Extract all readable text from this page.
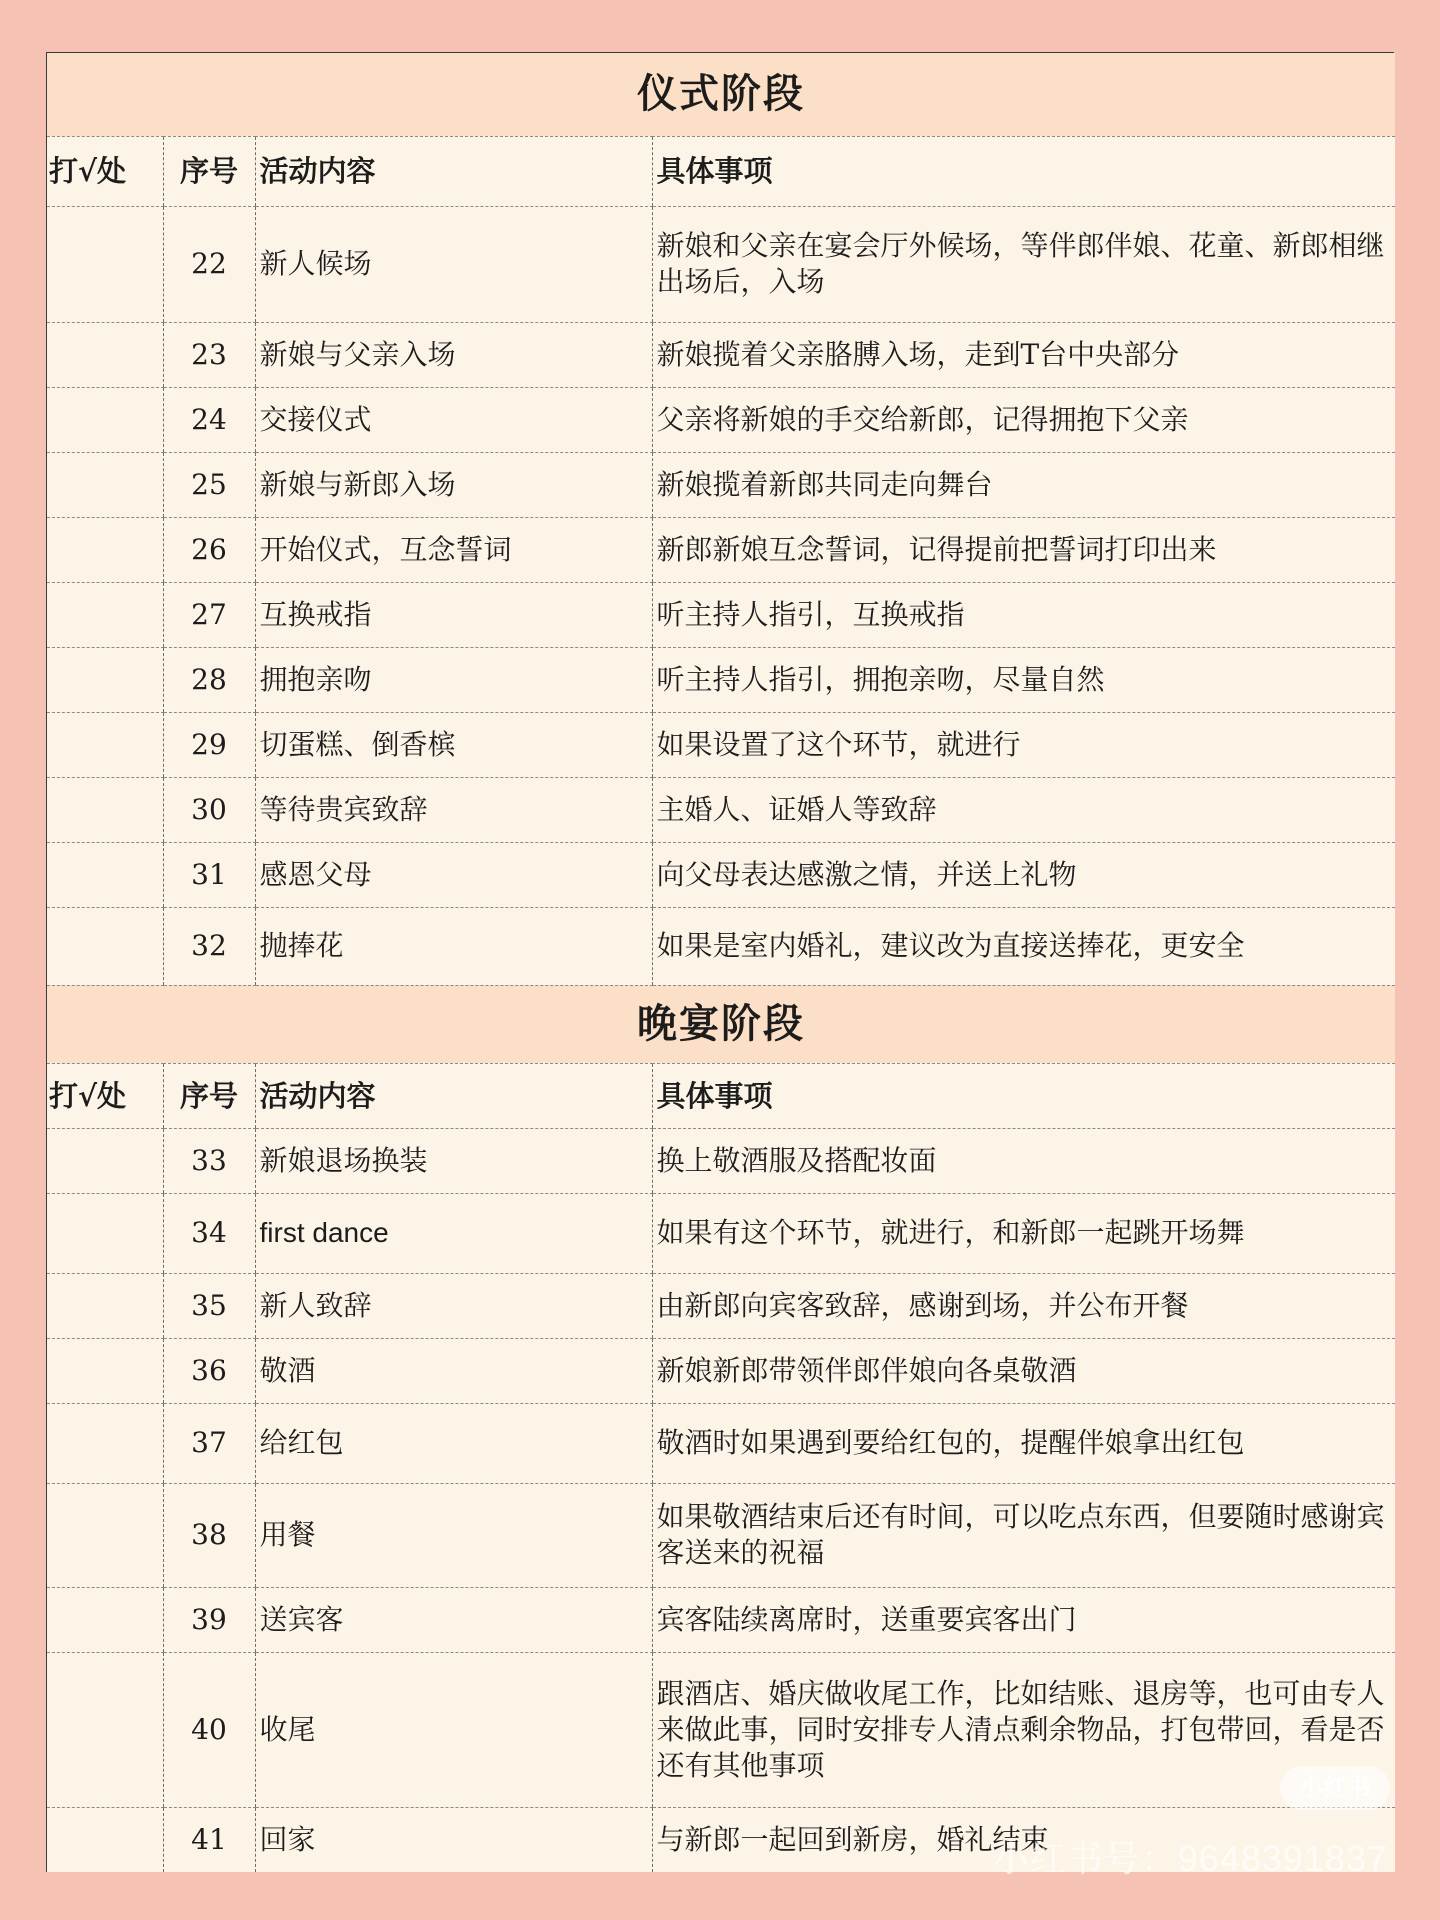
仪式阶段			
打√处	序号	活动内容	具体事项
	22	新人候场	新娘和父亲在宴会厅外候场，等伴郎伴娘、花童、新郎相继出场后，入场
	23	新娘与父亲入场	新娘揽着父亲胳膊入场，走到T台中央部分
	24	交接仪式	父亲将新娘的手交给新郎，记得拥抱下父亲
	25	新娘与新郎入场	新娘揽着新郎共同走向舞台
	26	开始仪式，互念誓词	新郎新娘互念誓词，记得提前把誓词打印出来
	27	互换戒指	听主持人指引，互换戒指
	28	拥抱亲吻	听主持人指引，拥抱亲吻，尽量自然
	29	切蛋糕、倒香槟	如果设置了这个环节，就进行
	30	等待贵宾致辞	主婚人、证婚人等致辞
	31	感恩父母	向父母表达感激之情，并送上礼物
	32	抛捧花	如果是室内婚礼，建议改为直接送捧花，更安全
晚宴阶段			
打√处	序号	活动内容	具体事项
	33	新娘退场换装	换上敬酒服及搭配妆面
	34	first dance	如果有这个环节，就进行，和新郎一起跳开场舞
	35	新人致辞	由新郎向宾客致辞，感谢到场，并公布开餐
	36	敬酒	新娘新郎带领伴郎伴娘向各桌敬酒
	37	给红包	敬酒时如果遇到要给红包的，提醒伴娘拿出红包
	38	用餐	如果敬酒结束后还有时间，可以吃点东西，但要随时感谢宾客送来的祝福
	39	送宾客	宾客陆续离席时，送重要宾客出门
	40	收尾	跟酒店、婚庆做收尾工作，比如结账、退房等，也可由专人来做此事，同时安排专人清点剩余物品，打包带回，看是否还有其他事项
	41	回家	与新郎一起回到新房，婚礼结束
小红书
小红书号：9648391837
